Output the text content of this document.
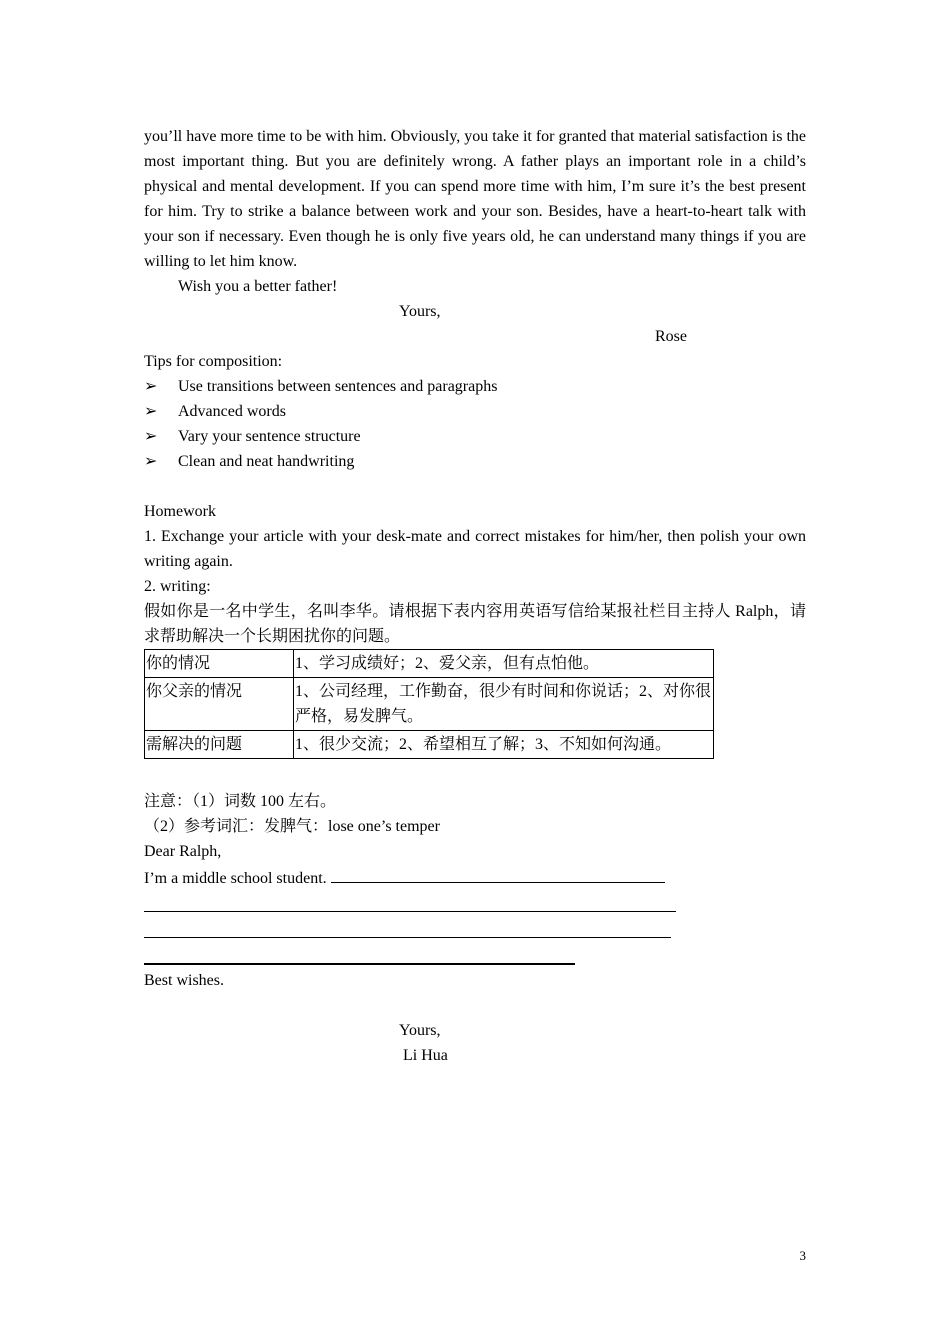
you’ll have more time to be with him. Obviously, you take it for granted that material satisfaction is the most important thing. But you are definitely wrong. A father plays an important role in a child’s physical and mental development. If you can spend more time with him, I’m sure it’s the best present for him. Try to strike a balance between work and your son. Besides, have a heart-to-heart talk with your son if necessary. Even though he is only five years old, he can understand many things if you are willing to let him know.

Wish you a better father!
Yours,
Rose
Tips for composition:
➢	Use transitions between sentences and paragraphs
➢	Advanced words
➢	Vary your sentence structure
➢	Clean and neat handwriting
Homework

1. Exchange your article with your desk-mate and correct mistakes for him/her, then polish your own writing again.

2. writing:

假如你是一名中学生，名叫李华。请根据下表内容用英语写信给某报社栏目主持人 Ralph，请求帮助解决一个长期困扰你的问题。

你的情况	1、学习成绩好；2、爱父亲，但有点怕他。
你父亲的情况	1、公司经理，工作勤奋，很少有时间和你说话；2、对你很严格，易发脾气。
需解决的问题	1、很少交流；2、希望相互了解；3、不知如何沟通。
注意：（1）词数 100 左右。
（2）参考词汇：发脾气：lose one’s temper
Dear Ralph,
I’m a middle school student.
Best wishes.
Yours,
Li Hua
3
